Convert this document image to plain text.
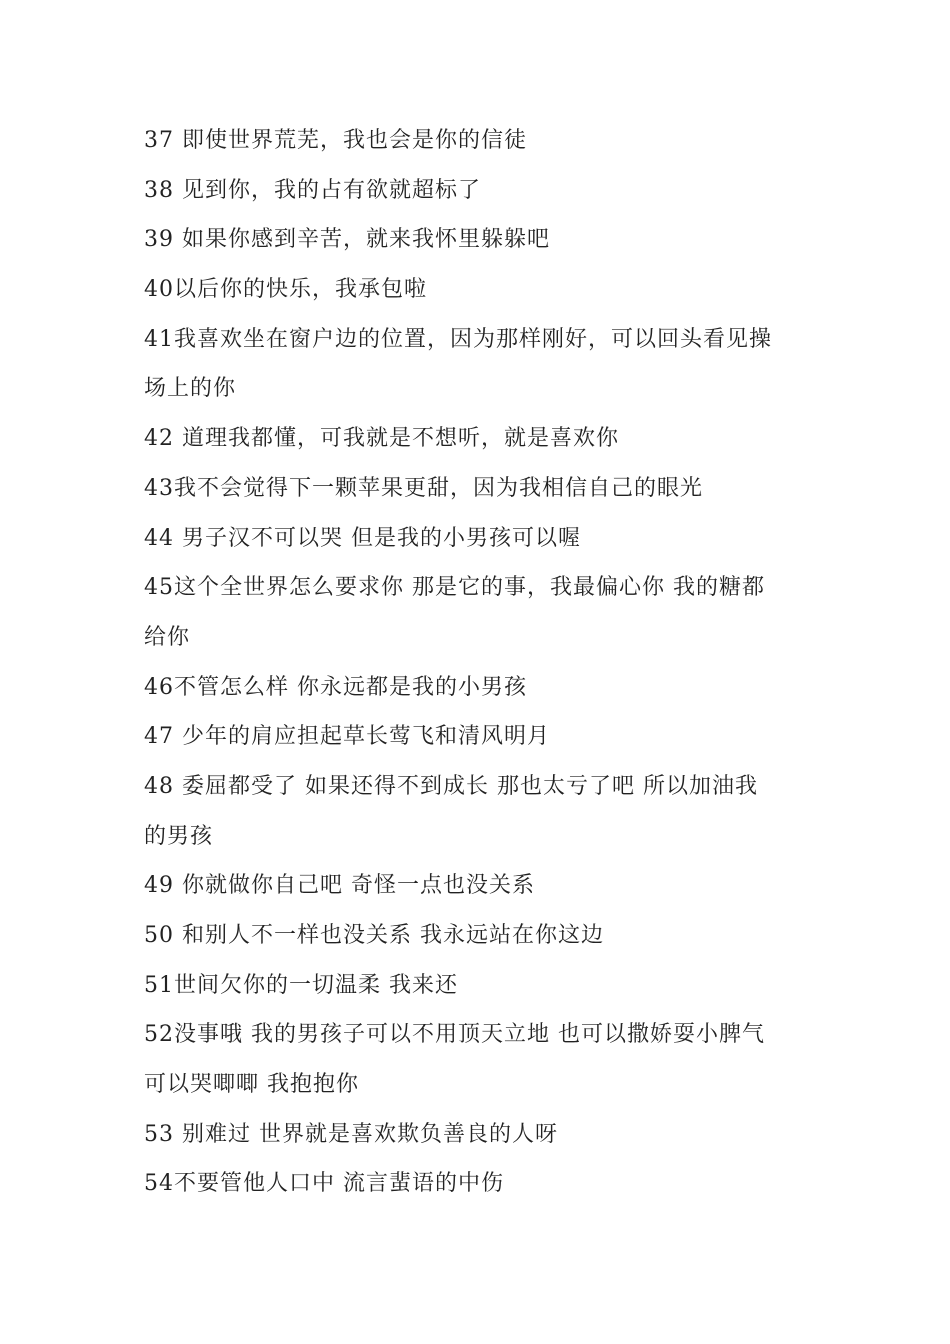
37 即使世界荒芜，我也会是你的信徒

38 见到你，我的占有欲就超标了

39 如果你感到辛苦，就来我怀里躲躲吧

40以后你的快乐，我承包啦

41我喜欢坐在窗户边的位置，因为那样刚好，可以回头看见操

场上的你

42 道理我都懂，可我就是不想听，就是喜欢你

43我不会觉得下一颗苹果更甜，因为我相信自己的眼光

44 男子汉不可以哭 但是我的小男孩可以喔

45这个全世界怎么要求你 那是它的事，我最偏心你 我的糖都

给你

46不管怎么样 你永远都是我的小男孩

47 少年的肩应担起草长莺飞和清风明月

48 委屈都受了 如果还得不到成长 那也太亏了吧 所以加油我

的男孩

49 你就做你自己吧 奇怪一点也没关系

50 和别人不一样也没关系 我永远站在你这边

51世间欠你的一切温柔 我来还

52没事哦 我的男孩子可以不用顶天立地 也可以撒娇耍小脾气

可以哭唧唧 我抱抱你

53 别难过 世界就是喜欢欺负善良的人呀

54不要管他人口中 流言蜚语的中伤
